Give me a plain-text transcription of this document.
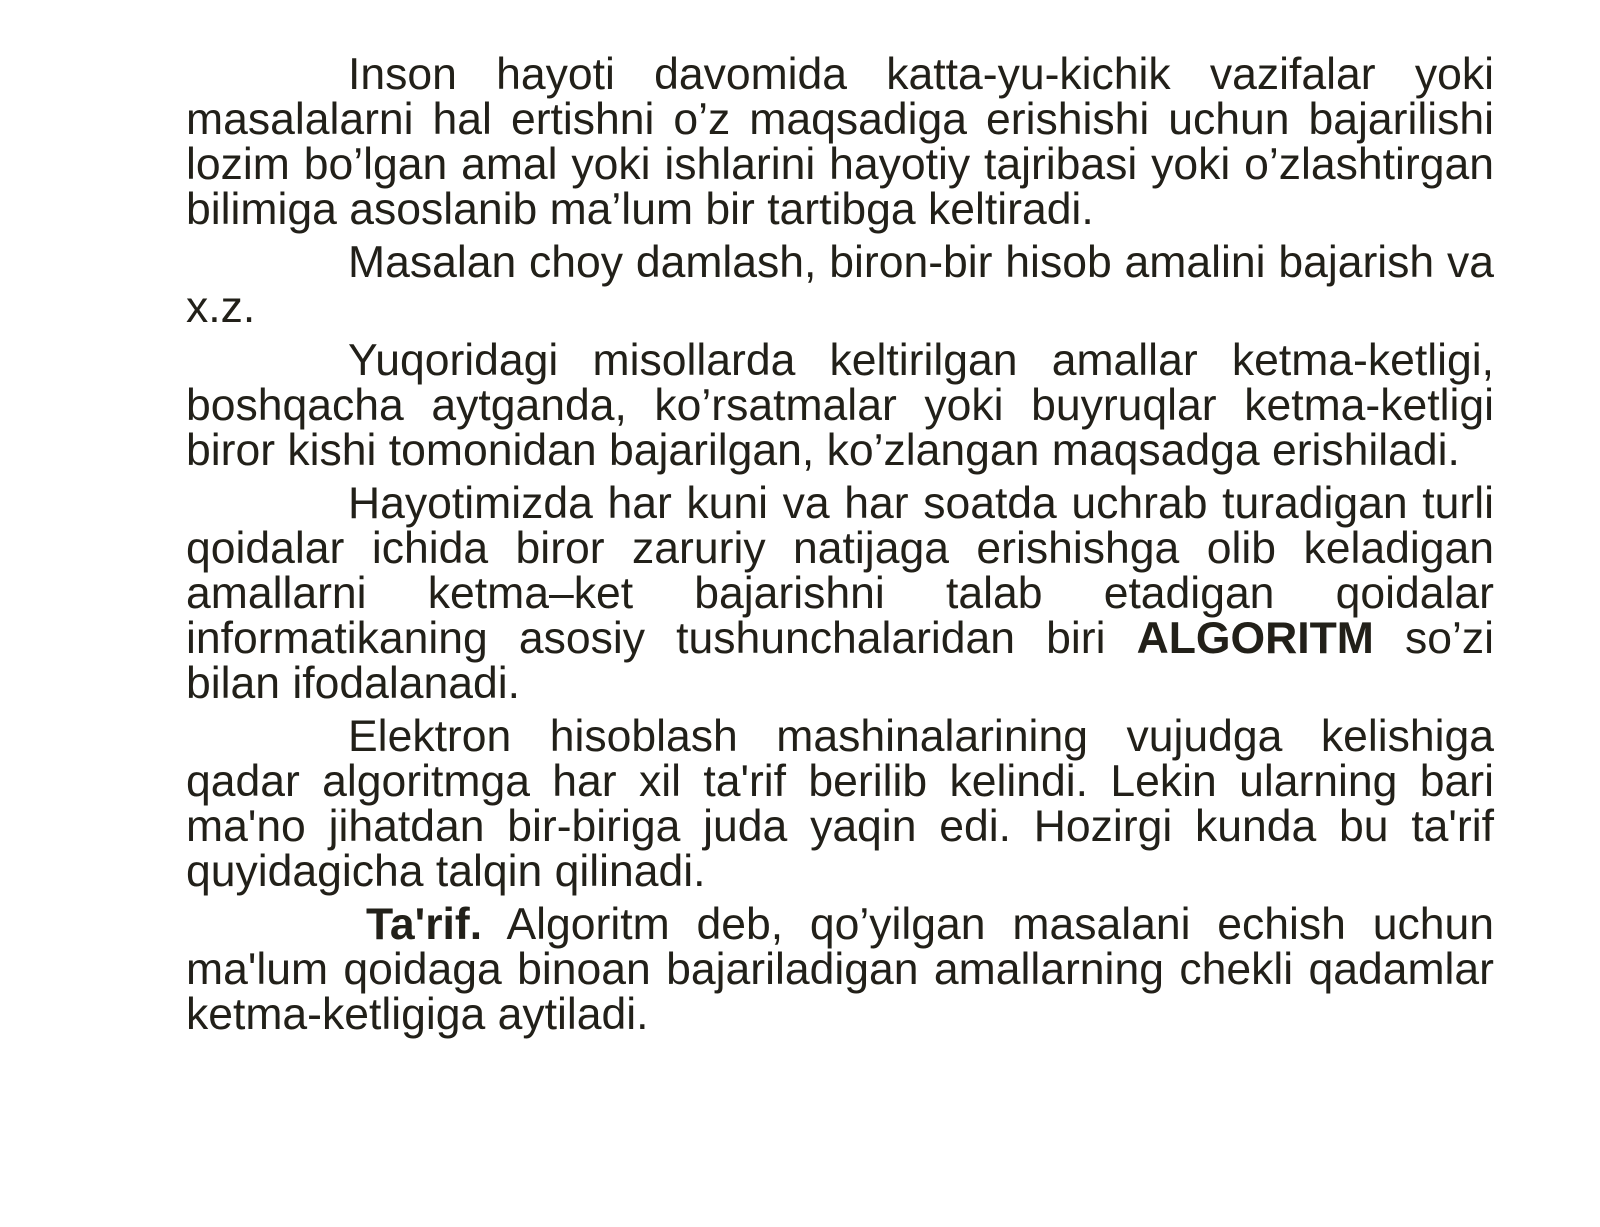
Inson hayoti davomida katta-yu-kichik vazifalar yoki masalalarni hal ertishni o’z maqsadiga erishishi uchun bajarilishi lozim bo’lgan amal yoki ishlarini hayotiy tajribasi yoki o’zlashtirgan bilimiga asoslanib ma’lum bir tartibga keltiradi.

Masalan choy damlash, biron-bir hisob amalini bajarish va x.z.

Yuqoridagi misollarda keltirilgan amallar ketma-ketligi, boshqacha aytganda, ko’rsatmalar yoki buyruqlar ketma-ketligi biror kishi tomonidan bajarilgan, ko’zlangan maqsadga erishiladi.

Hayotimizda har kuni va har soatda uchrab turadigan turli qoidalar ichida biror zaruriy natijaga erishishga olib keladigan amallarni ketma–ket bajarishni talab etadigan qoidalar informatikaning asosiy tushunchalaridan biri ALGORITM so’zi bilan ifodalanadi.

Elektron hisoblash mashinalarining vujudga kelishiga qadar algoritmga har xil ta'rif berilib kelindi. Lekin ularning bari ma'no jihatdan bir-biriga juda yaqin edi. Hozirgi kunda bu ta'rif quyidagicha talqin qilinadi.

Ta'rif. Algoritm deb, qo’yilgan masalani echish uchun ma'lum qoidaga binoan bajariladigan amallarning chekli qadamlar ketma-ketligiga aytiladi.
